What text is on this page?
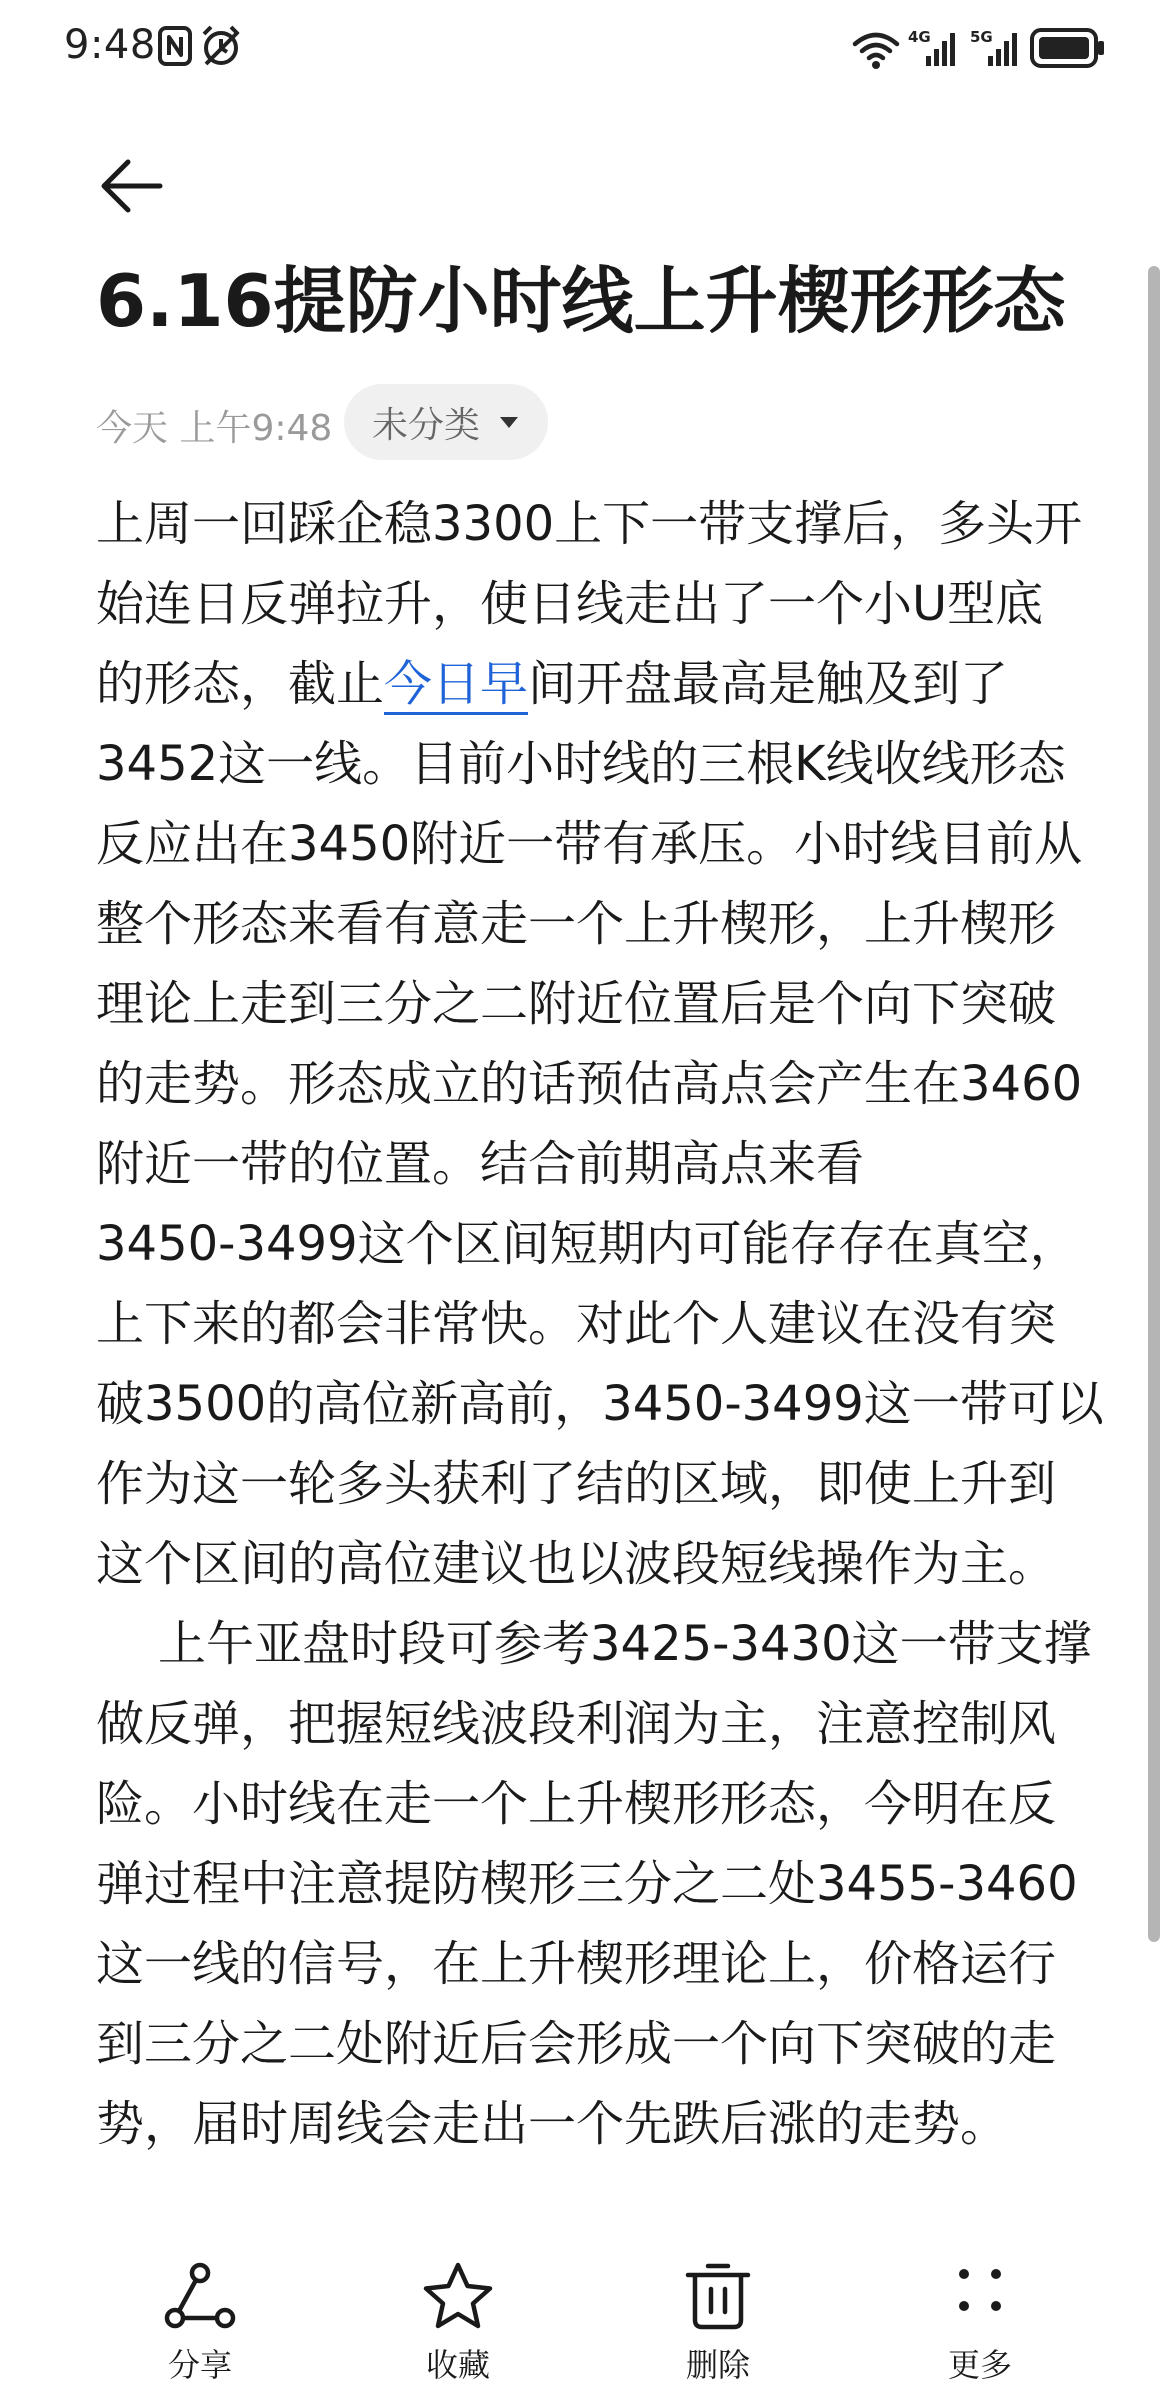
9:48	4G	5G
6.16提防小时线上升楔形形态
今天 上午9:48 未分类
上周一回踩企稳3300上下一带支撑后，多头开
始连日反弹拉升，使日线走出了一个小U型底
的形态，截止今日早间开盘最高是触及到了
3452这一线。目前小时线的三根K线收线形态
反应出在3450附近一带有承压。小时线目前从
整个形态来看有意走一个上升楔形，上升楔形
理论上走到三分之二附近位置后是个向下突破
的走势。形态成立的话预估高点会产生在3460
附近一带的位置。结合前期高点来看
3450-3499这个区间短期内可能存存在真空，
上下来的都会非常快。对此个人建议在没有突
破3500的高位新高前，3450-3499这一带可以
作为这一轮多头获利了结的区域，即使上升到
这个区间的高位建议也以波段短线操作为主。
上午亚盘时段可参考3425-3430这一带支撑
做反弹，把握短线波段利润为主，注意控制风
险。小时线在走一个上升楔形形态，今明在反
弹过程中注意提防楔形三分之二处3455-3460
这一线的信号，在上升楔形理论上，价格运行
到三分之二处附近后会形成一个向下突破的走
势，届时周线会走出一个先跌后涨的走势。
分享	收藏	删除	更多
